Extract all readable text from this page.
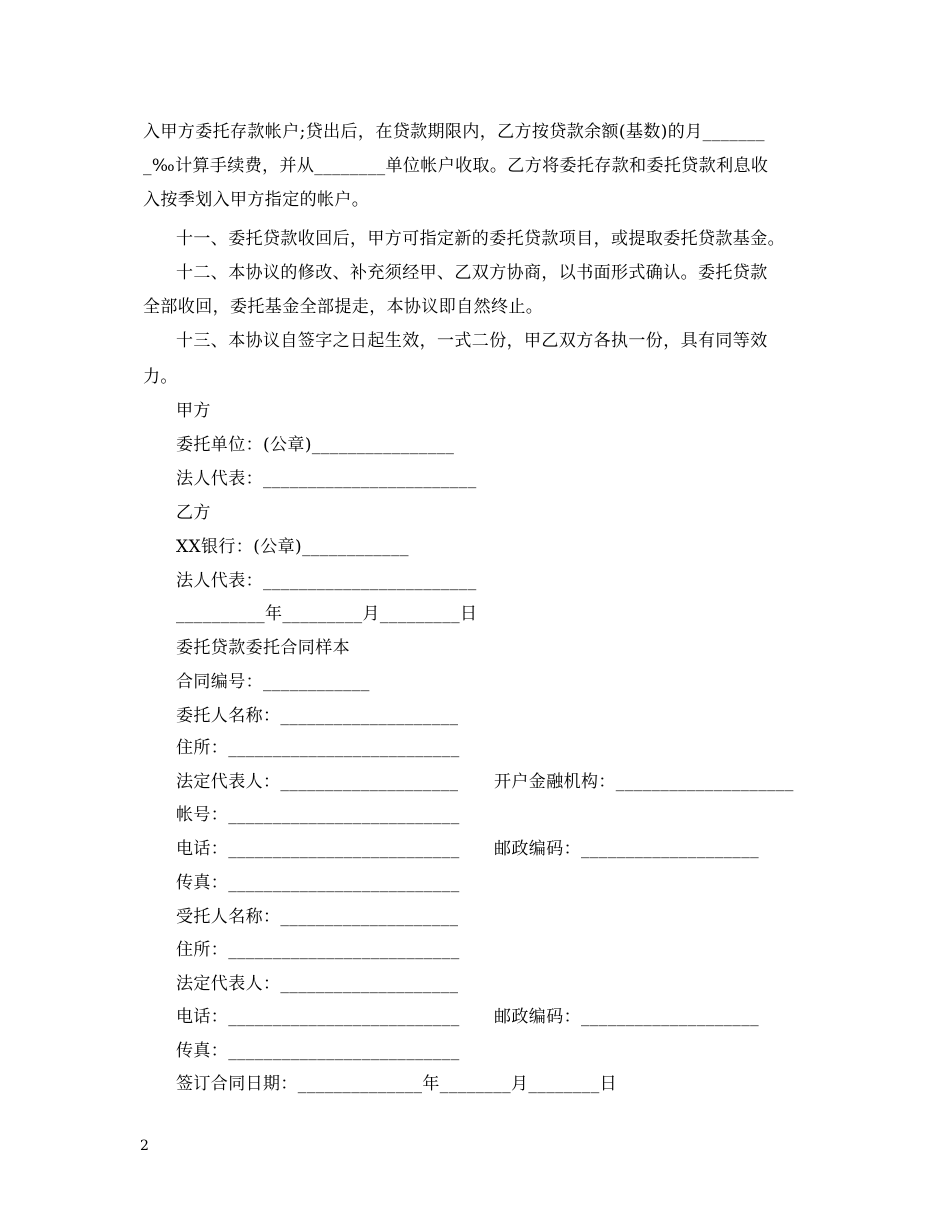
入甲方委托存款帐户;贷出后，在贷款期限内，乙方按贷款余额(基数)的月_______
_‰计算手续费，并从________单位帐户收取。乙方将委托存款和委托贷款利息收
入按季划入甲方指定的帐户。
十一、委托贷款收回后，甲方可指定新的委托贷款项目，或提取委托贷款基金。
十二、本协议的修改、补充须经甲、乙双方协商，以书面形式确认。委托贷款
全部收回，委托基金全部提走，本协议即自然终止。
十三、本协议自签字之日起生效，一式二份，甲乙双方各执一份，具有同等效
力。
甲方
委托单位：(公章)________________
法人代表：________________________
乙方
XX银行：(公章)____________
法人代表：________________________
__________年_________月_________日
委托贷款委托合同样本
合同编号：____________
委托人名称：____________________
住所：__________________________
法定代表人：____________________ 开户金融机构：____________________
帐号：__________________________
电话：__________________________ 邮政编码：____________________
传真：__________________________
受托人名称：____________________
住所：__________________________
法定代表人：____________________
电话：__________________________ 邮政编码：____________________
传真：__________________________
签订合同日期：______________年________月________日
2
